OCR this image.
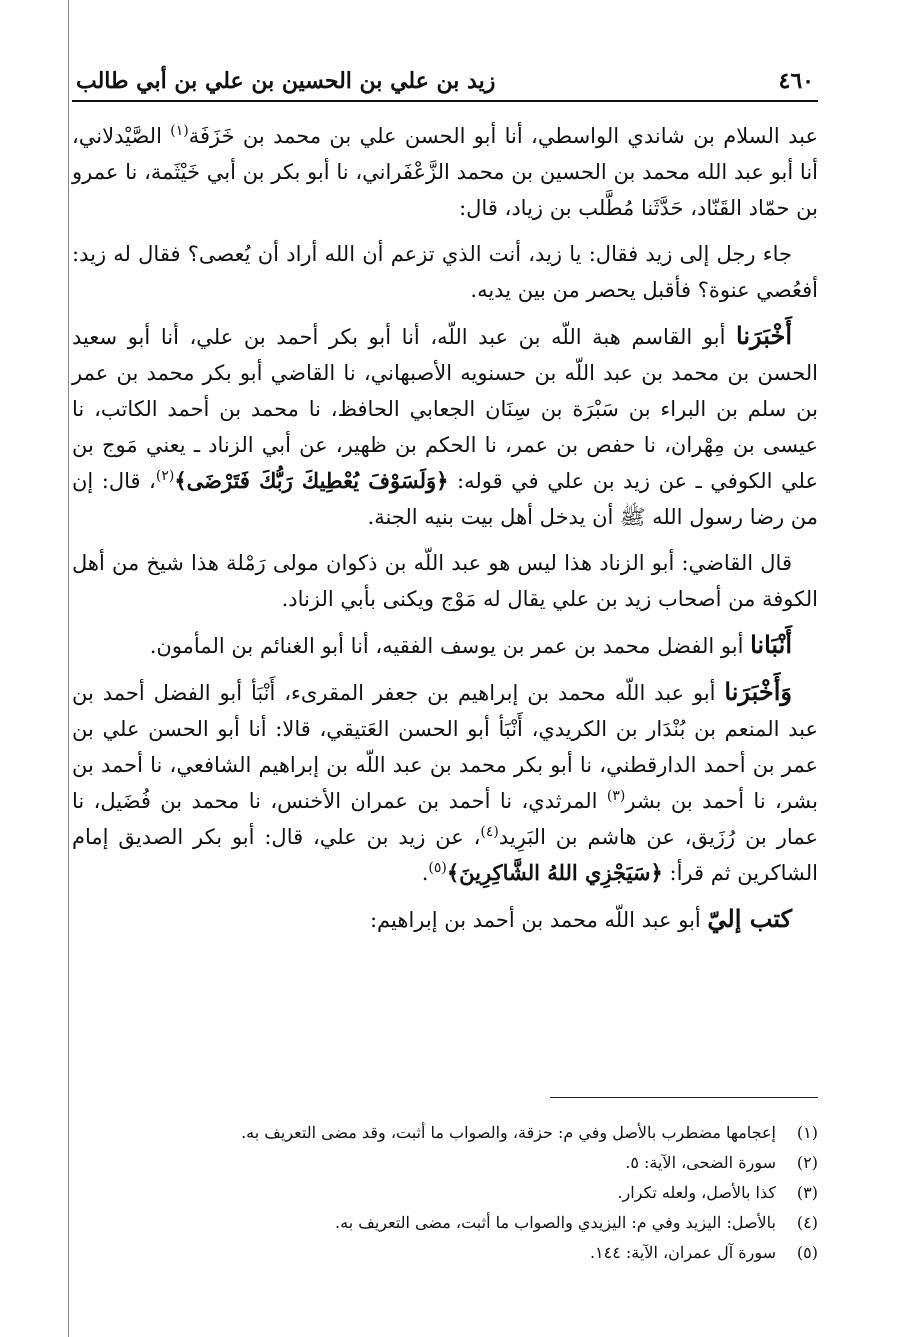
٤٦٠
زيد بن علي بن الحسين بن علي بن أبي طالب

عبد السلام بن شاندي الواسطي، أنا أبو الحسن علي بن محمد بن خَزَفَة$^{(١)}$ الصَّيْدلاني، أنا أبو عبد الله محمد بن الحسين بن محمد الزَّعْفَراني، نا أبو بكر بن أبي خَيْثَمة، نا عمرو بن حمّاد القَنّاد، حَدَّثَنا مُطَّلب بن زياد، قال:

جاء رجل إلى زيد فقال: يا زيد، أنت الذي تزعم أن الله أراد أن يُعصى؟ فقال له زيد: أفعُصي عنوة؟ فأقبل يحصر من بين يديه.

أَخْبَرَنا أبو القاسم هبة اللّه بن عبد اللّه، أنا أبو بكر أحمد بن علي، أنا أبو سعيد الحسن بن محمد بن عبد اللّه بن حسنويه الأصبهاني، نا القاضي أبو بكر محمد بن عمر بن سلم بن البراء بن سَبْرَة بن سِنَان الجعابي الحافظ، نا محمد بن أحمد الكاتب، نا عيسى بن مِهْران، نا حفص بن عمر، نا الحكم بن ظهير، عن أبي الزناد ـ يعني مَوج بن علي الكوفي ـ عن زيد بن علي في قوله: ﴿وَلَسَوْفَ يُعْطِيكَ رَبُّكَ فَتَرْضَى﴾$^{(٢)}$، قال: إن من رضا رسول الله ﷺ أن يدخل أهل بيت بنيه الجنة.

قال القاضي: أبو الزناد هذا ليس هو عبد اللّه بن ذكوان مولى رَمْلة هذا شيخ من أهل الكوفة من أصحاب زيد بن علي يقال له مَوْج ويكنى بأبي الزناد.

أَنْبَانا أبو الفضل محمد بن عمر بن يوسف الفقيه، أنا أبو الغنائم بن المأمون.

وَأَخْبَرَنا أبو عبد اللّه محمد بن إبراهيم بن جعفر المقرىء، أَنْبَأ أبو الفضل أحمد بن عبد المنعم بن بُنْدَار بن الكريدي، أَنْبَأ أبو الحسن العَتيقي، قالا: أنا أبو الحسن علي بن عمر بن أحمد الدارقطني، نا أبو بكر محمد بن عبد اللّه بن إبراهيم الشافعي، نا أحمد بن بشر، نا أحمد بن بشر$^{(٣)}$ المرثدي، نا أحمد بن عمران الأخنس، نا محمد بن فُضَيل، نا عمار بن رُزَيق، عن هاشم بن البَرِيد$^{(٤)}$، عن زيد بن علي، قال: أبو بكر الصديق إمام الشاكرين ثم قرأ: ﴿سَيَجْزِي اللهُ الشَّاكِرِينَ﴾$^{(٥)}$.

كتب إليّ أبو عبد اللّه محمد بن أحمد بن إبراهيم:

(١)
إعجامها مضطرب بالأصل وفي م: حزقة، والصواب ما أثبت، وقد مضى التعريف به.
(٢)
سورة الضحى، الآية: ٥.
(٣)
كذا بالأصل، ولعله تكرار.
(٤)
بالأصل: اليزيد وفي م: اليزيدي والصواب ما أثبت، مضى التعريف به.
(٥)
سورة آل عمران، الآية: ١٤٤.
